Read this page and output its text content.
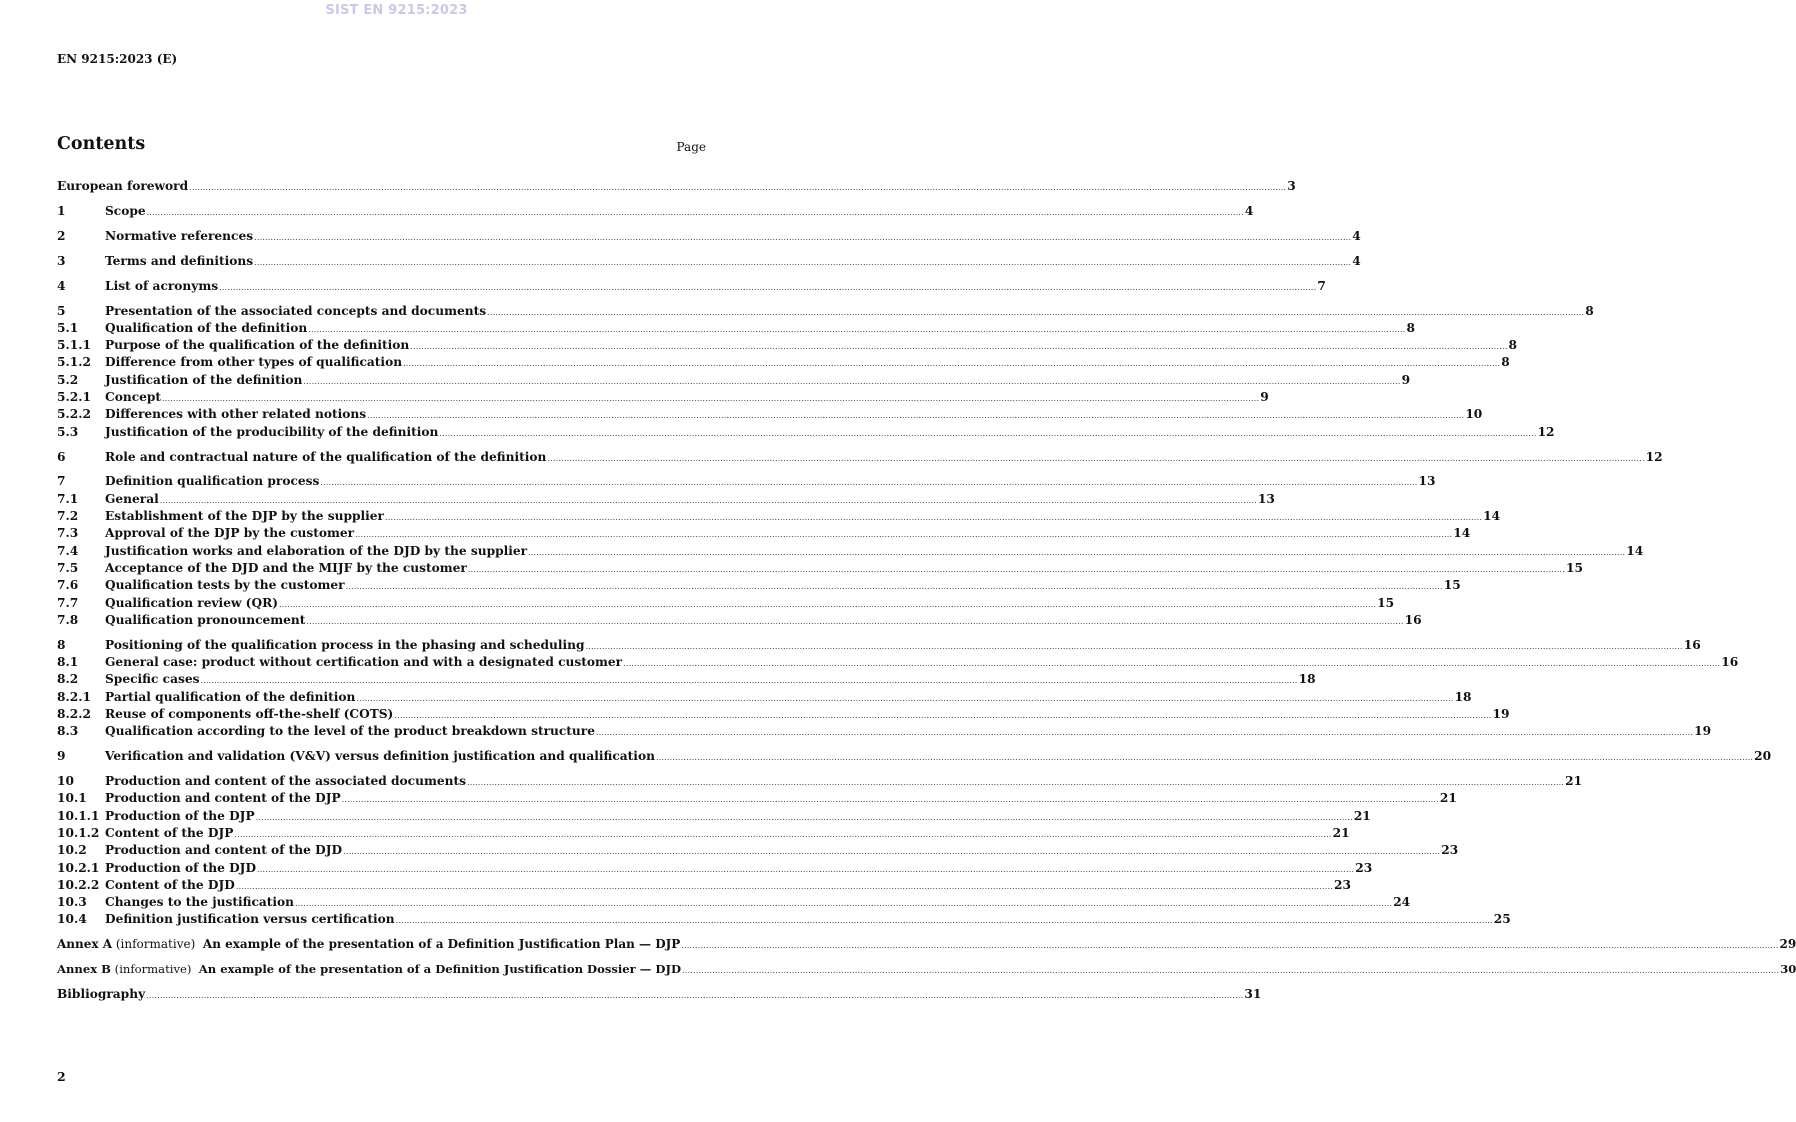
SIST EN 9215:2023
EN 9215:2023 (E)
Contents	Page
European foreword ................................................................................................................................................................................................................................................................................................................................................................................................................ 3
1	Scope ................................................................................................................................................................................................................................................................................................................................................................................................................ 4
2	Normative references ................................................................................................................................................................................................................................................................................................................................................................................................................ 4
3	Terms and definitions ................................................................................................................................................................................................................................................................................................................................................................................................................ 4
4	List of acronyms ................................................................................................................................................................................................................................................................................................................................................................................................................ 7
5	Presentation of the associated concepts and documents ................................................................................................................................................................................................................................................................................................................................................................................................................ 8
5.1	Qualification of the definition ................................................................................................................................................................................................................................................................................................................................................................................................................ 8
5.1.1	Purpose of the qualification of the definition ................................................................................................................................................................................................................................................................................................................................................................................................................ 8
5.1.2	Difference from other types of qualification ................................................................................................................................................................................................................................................................................................................................................................................................................ 8
5.2	Justification of the definition ................................................................................................................................................................................................................................................................................................................................................................................................................ 9
5.2.1	Concept ................................................................................................................................................................................................................................................................................................................................................................................................................ 9
5.2.2	Differences with other related notions ................................................................................................................................................................................................................................................................................................................................................................................................................ 10
5.3	Justification of the producibility of the definition ................................................................................................................................................................................................................................................................................................................................................................................................................ 12
6	Role and contractual nature of the qualification of the definition ................................................................................................................................................................................................................................................................................................................................................................................................................ 12
7	Definition qualification process ................................................................................................................................................................................................................................................................................................................................................................................................................ 13
7.1	General ................................................................................................................................................................................................................................................................................................................................................................................................................ 13
7.2	Establishment of the DJP by the supplier ................................................................................................................................................................................................................................................................................................................................................................................................................ 14
7.3	Approval of the DJP by the customer ................................................................................................................................................................................................................................................................................................................................................................................................................ 14
7.4	Justification works and elaboration of the DJD by the supplier ................................................................................................................................................................................................................................................................................................................................................................................................................ 14
7.5	Acceptance of the DJD and the MIJF by the customer ................................................................................................................................................................................................................................................................................................................................................................................................................ 15
7.6	Qualification tests by the customer ................................................................................................................................................................................................................................................................................................................................................................................................................ 15
7.7	Qualification review (QR) ................................................................................................................................................................................................................................................................................................................................................................................................................ 15
7.8	Qualification pronouncement ................................................................................................................................................................................................................................................................................................................................................................................................................ 16
8	Positioning of the qualification process in the phasing and scheduling ................................................................................................................................................................................................................................................................................................................................................................................................................ 16
8.1	General case: product without certification and with a designated customer ................................................................................................................................................................................................................................................................................................................................................................................................................ 16
8.2	Specific cases ................................................................................................................................................................................................................................................................................................................................................................................................................ 18
8.2.1	Partial qualification of the definition ................................................................................................................................................................................................................................................................................................................................................................................................................ 18
8.2.2	Reuse of components off-the-shelf (COTS) ................................................................................................................................................................................................................................................................................................................................................................................................................ 19
8.3	Qualification according to the level of the product breakdown structure ................................................................................................................................................................................................................................................................................................................................................................................................................ 19
9	Verification and validation (V&V) versus definition justification and qualification ................................................................................................................................................................................................................................................................................................................................................................................................................ 20
10	Production and content of the associated documents ................................................................................................................................................................................................................................................................................................................................................................................................................ 21
10.1	Production and content of the DJP ................................................................................................................................................................................................................................................................................................................................................................................................................ 21
10.1.1 Production of the DJP ................................................................................................................................................................................................................................................................................................................................................................................................................ 21
10.1.2 Content of the DJP ................................................................................................................................................................................................................................................................................................................................................................................................................ 21
10.2	Production and content of the DJD ................................................................................................................................................................................................................................................................................................................................................................................................................ 23
10.2.1 Production of the DJD ................................................................................................................................................................................................................................................................................................................................................................................................................ 23
10.2.2 Content of the DJD ................................................................................................................................................................................................................................................................................................................................................................................................................ 23
10.3	Changes to the justification ................................................................................................................................................................................................................................................................................................................................................................................................................ 24
10.4	Definition justification versus certification ................................................................................................................................................................................................................................................................................................................................................................................................................ 25
Annex A (informative)  An example of the presentation of a Definition Justification Plan — DJP ................................................................................................................................................................................................................................................................................................................................................................................................................ 29
Annex B (informative)  An example of the presentation of a Definition Justification Dossier — DJD ................................................................................................................................................................................................................................................................................................................................................................................................................ 30
Bibliography ................................................................................................................................................................................................................................................................................................................................................................................................................ 31
2
